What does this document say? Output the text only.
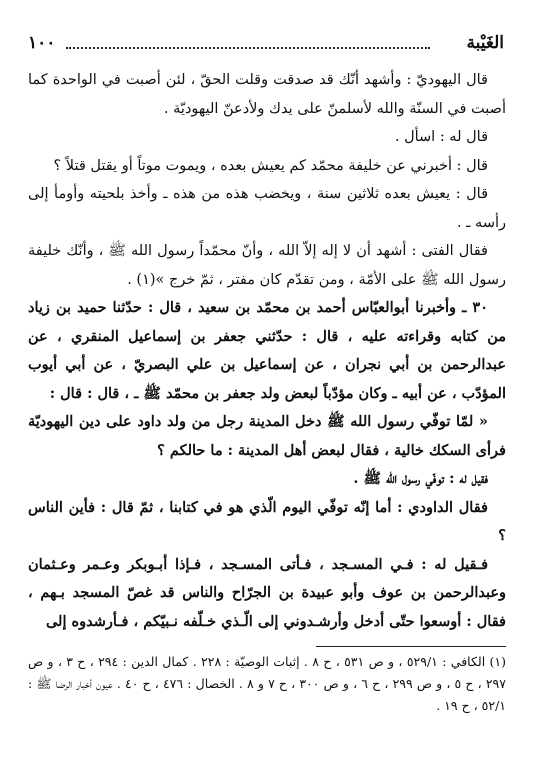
١٠٠	الغَيْبة

قال اليهوديّ : وأشهد أنّك قد صدقت وقلت الحقّ ، لئن أصبت في الواحدة كما أصبت في السنّة والله لأسلمنّ على يدك ولأدعنّ اليهوديّة .

قال له : اسأل .

قال : أخبرني عن خليفة محمّد كم يعيش بعده ، ويموت موتاً أو يقتل قتلاً ؟

قال : يعيش بعده ثلاثين سنة ، ويخضب هذه من هذه ـ وأخذ بلحيته وأومأ إلى رأسه ـ .

فقال الفتى : أشهد أن لا إله إلاّ الله ، وأنّ محمّداً رسول الله ﷺ ، وأنّك خليفة رسول الله ﷺ على الأمّة ، ومن تقدّم كان مفتر ، ثمّ خرج »(١) .

٣٠ ـ وأخبرنا أبوالعبّاس أحمد بن محمّد بن سعيد ، قال : حدّثنا حميد بن زياد من كتابه وقراءته عليه ، قال : حدّثني جعفر بن إسماعيل المنقري ، عن عبدالرحمن بن أبي نجران ، عن إسماعيل بن علي البصريّ ، عن أبي أيوب المؤدّب ، عن أبيه ـ وكان مؤدّباً لبعض ولد جعفر بن محمّد ﷺ ـ ، قال : قال :

« لمّا توفّي رسول الله ﷺ دخل المدينة رجل من ولد داود على دين اليهوديّة فرأى السكك خالية ، فقال لبعض أهل المدينة : ما حالكم ؟

فقيل له : توفّي رسول الله ﷺ .

فقال الداودي : أما إنّه توفّي اليوم الّذي هو في كتابنا ، ثمّ قال : فأين الناس ؟

فـقيل له : فـي المسـجد ، فـأتى المسـجد ، فـإذا أبـوبكر وعـمر وعـثمان وعبدالرحمن بن عوف وأبو عبيدة بن الجرّاح والناس قد غصّ المسجد بـهم ، فقال : أوسعوا حتّى أدخل وأرشـدوني إلى الّـذي خـلّفه نـبيّكم ، فـأرشدوه إلى

(١) الكافي : ٥٢٩/١ ، و ص ٥٣١ ، ح ٨ . إثبات الوصيّة : ٢٢٨ . كمال الدين : ٢٩٤ ، ح ٣ ، و ص ٢٩٧ ، ح ٥ ، و ص ٢٩٩ ، ح ٦ ، و ص ٣٠٠ ، ح ٧ و ٨ . الخصال : ٤٧٦ ، ح ٤٠ . عيون أخبار الرضا ﷺ : ٥٢/١ ، ح ١٩ .
